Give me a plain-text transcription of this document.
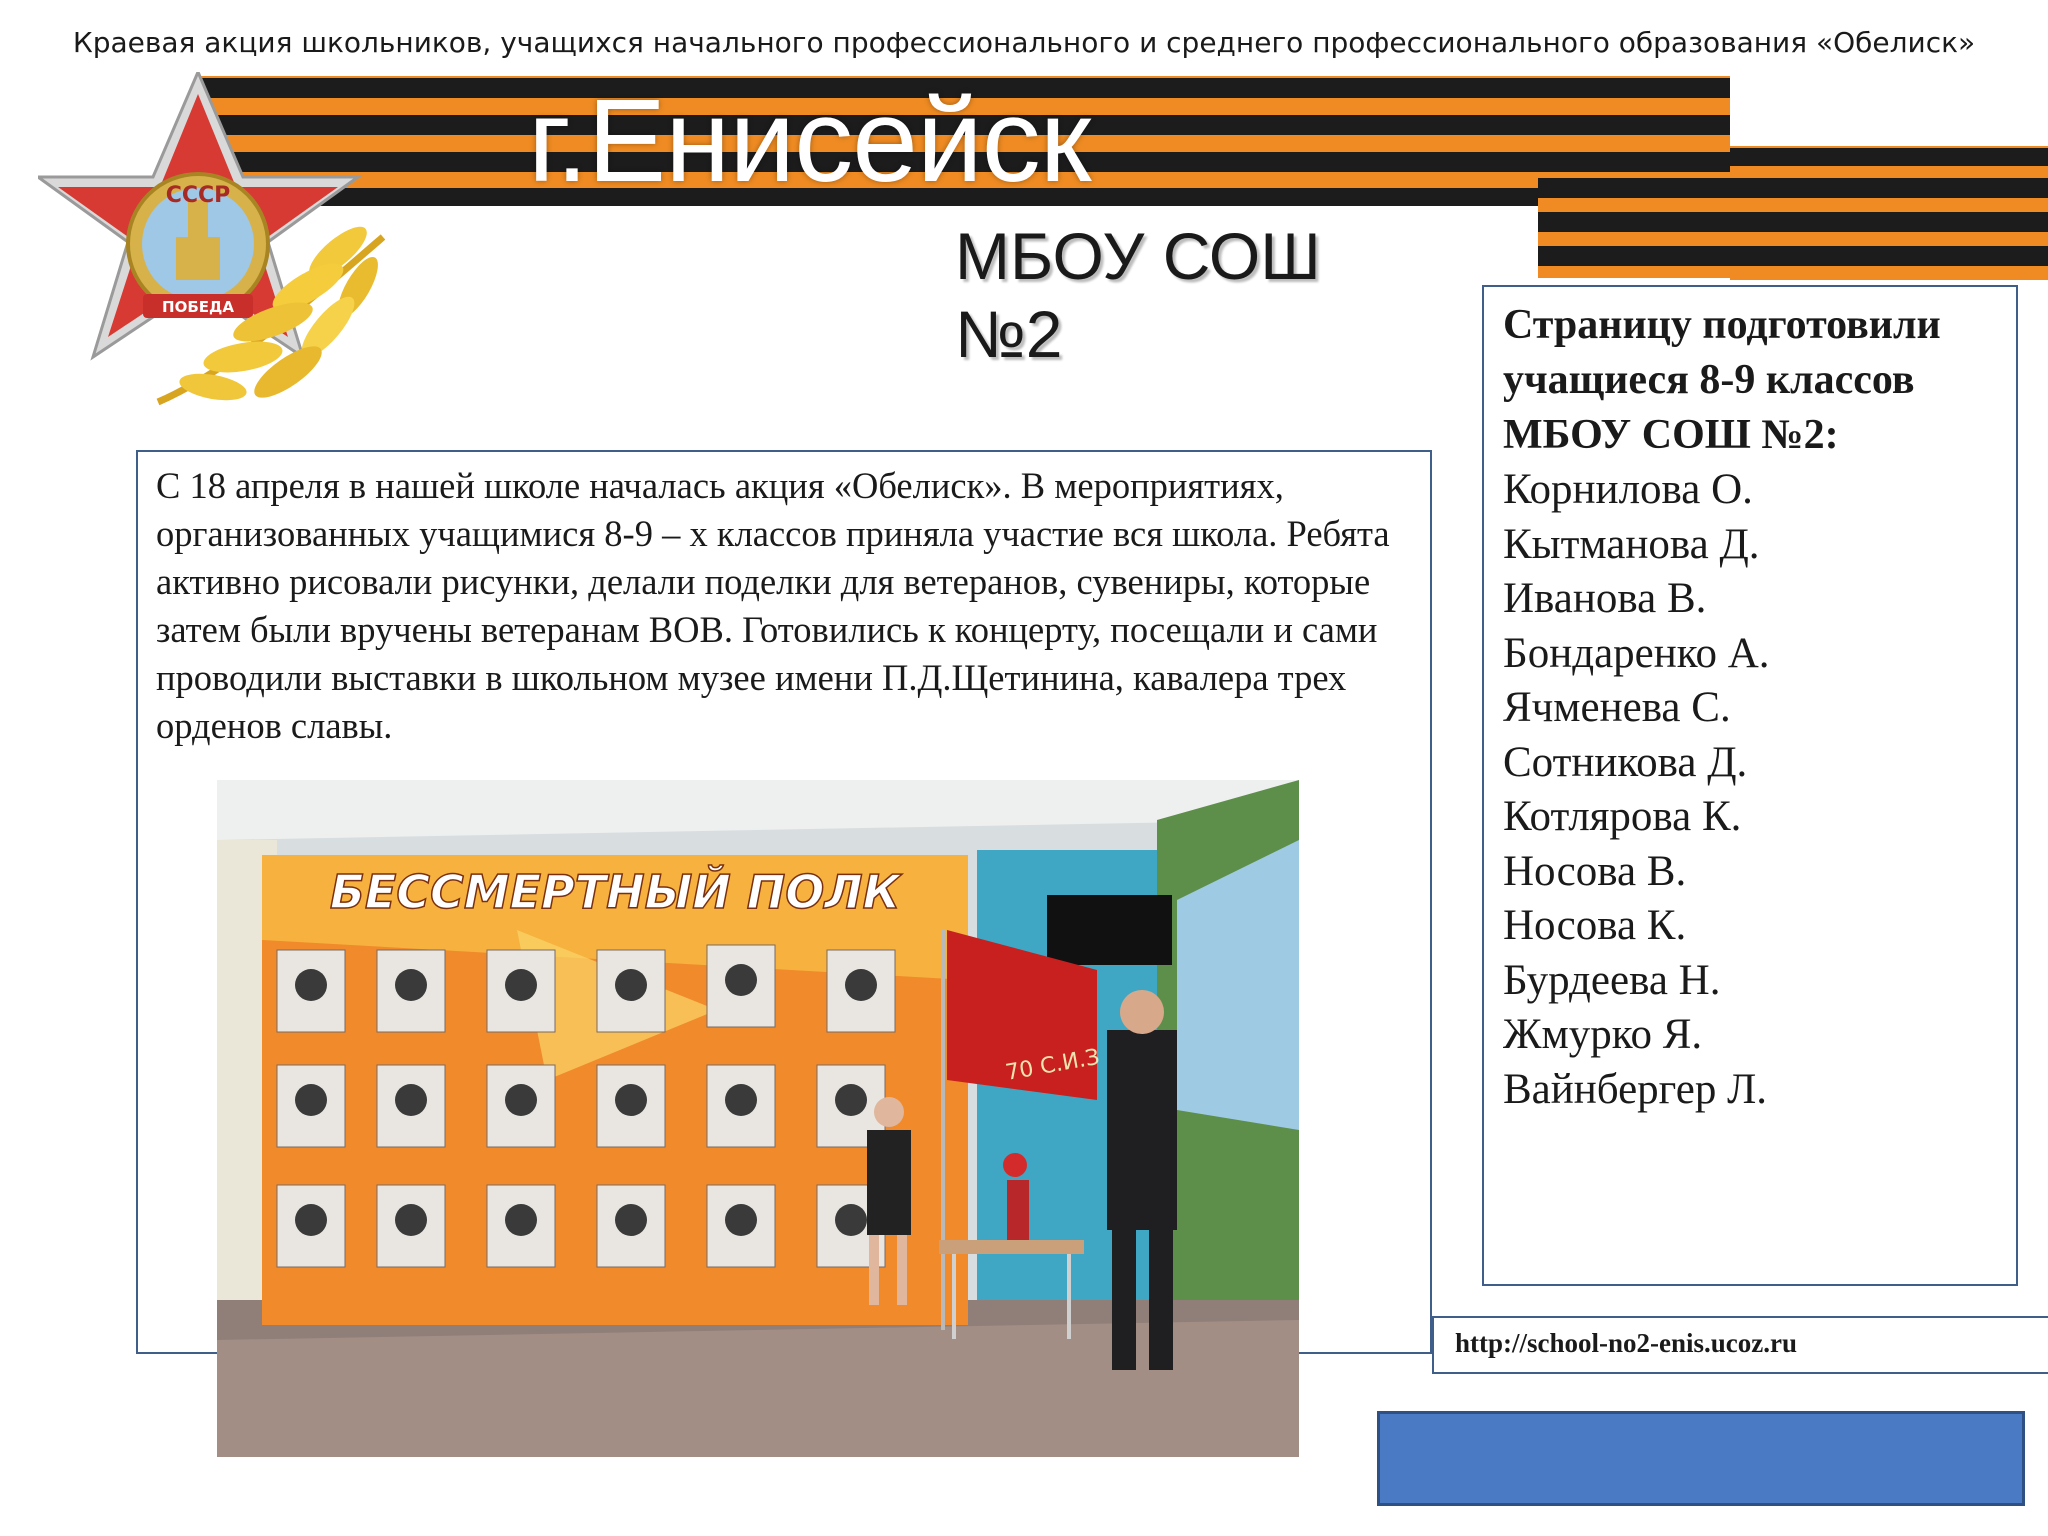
Краевая акция школьников, учащихся начального профессионального и среднего профессионального образования «Обелиск»
СССР
ПОБЕДА
г.Енисейск
МБОУ СОШ №2

С 18 апреля в нашей школе началась акция «Обелиск». В мероприятиях, организованных учащимися 8-9 – х классов приняла участие вся школа. Ребята активно рисовали рисунки, делали поделки для ветеранов, сувениры, которые затем были вручены ветеранам ВОВ. Готовились к концерту, посещали и сами проводили выставки в школьном музее имени П.Д.Щетинина, кавалера трех орденов славы.

БЕССМЕРТНЫЙ ПОЛК
70 С.И.З
Страницу подготовили учащиеся 8-9 классов МБОУ СОШ №2:
Корнилова О.
Кытманова Д.
Иванова В.
Бондаренко А.
Ячменева С.
Сотникова Д.
Котлярова К.
Носова В.
Носова К.
Бурдеева Н.
Жмурко Я.
Вайнбергер Л.
http://school-no2-enis.ucoz.ru
